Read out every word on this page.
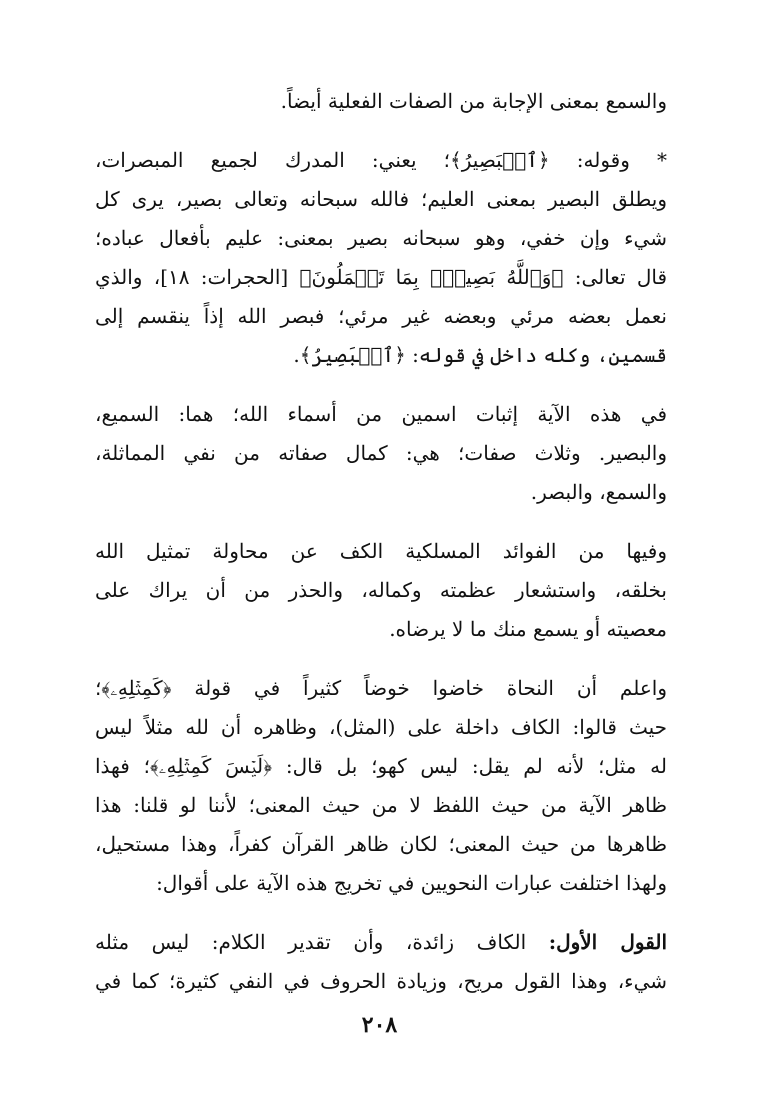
والسمع بمعنى الإجابة من الصفات الفعلية أيضاً.

* وقوله: ﴿ٱلۡبَصِيرُ﴾؛ يعني: المدرك لجميع المبصرات،
ويطلق البصير بمعنى العليم؛ فالله سبحانه وتعالى بصير، يرى كل
شيء وإن خفي، وهو سبحانه بصير بمعنى: عليم بأفعال عباده؛
قال تعالى: ﴿وَٱللَّهُ بَصِيرُۢ بِمَا تَعۡمَلُونَ﴾ [الحجرات: ١٨]، والذي
نعمل بعضه مرئي وبعضه غير مرئي؛ فبصر الله إذاً ينقسم إلى
قسمين، وكله داخل في قوله: ﴿ٱلۡبَصِيرُ﴾.

في هذه الآية إثبات اسمين من أسماء الله؛ هما: السميع،
والبصير. وثلاث صفات؛ هي: كمال صفاته من نفي المماثلة،
والسمع، والبصر.

وفيها من الفوائد المسلكية الكف عن محاولة تمثيل الله
بخلقه، واستشعار عظمته وكماله، والحذر من أن يراك على
معصيته أو يسمع منك ما لا يرضاه.

واعلم أن النحاة خاضوا خوضاً كثيراً في قولة ﴿كَمِثۡلِهِۦ﴾؛
حيث قالوا: الكاف داخلة على (المثل)، وظاهره أن لله مثلاً ليس
له مثل؛ لأنه لم يقل: ليس كهو؛ بل قال: ﴿لَيۡسَ كَمِثۡلِهِۦ﴾؛ فهذا
ظاهر الآية من حيث اللفظ لا من حيث المعنى؛ لأننا لو قلنا: هذا
ظاهرها من حيث المعنى؛ لكان ظاهر القرآن كفراً، وهذا مستحيل،
ولهذا اختلفت عبارات النحويين في تخريج هذه الآية على أقوال:

القول الأول: الكاف زائدة، وأن تقدير الكلام: ليس مثله
شيء، وهذا القول مريح، وزيادة الحروف في النفي كثيرة؛ كما في

٢٠٨
